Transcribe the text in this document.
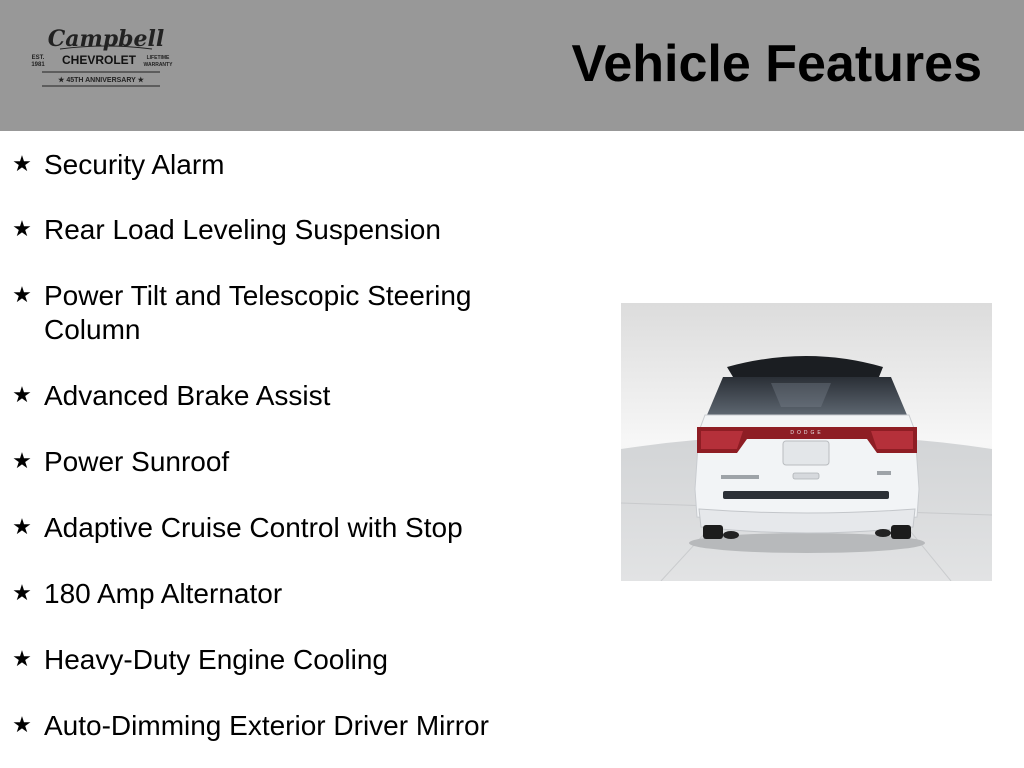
Campbell
EST.
1981 CHEVROLET LIFETIME
WARRANTY
★ 45TH ANNIVERSARY ★	Vehicle Features
★ Security Alarm
★ Rear Load Leveling Suspension
★ Power Tilt and Telescopic Steering Column
★ Advanced Brake Assist
★ Power Sunroof
★ Adaptive Cruise Control with Stop
★ 180 Amp Alternator
★ Heavy-Duty Engine Cooling
★ Auto-Dimming Exterior Driver Mirror
DODGE
